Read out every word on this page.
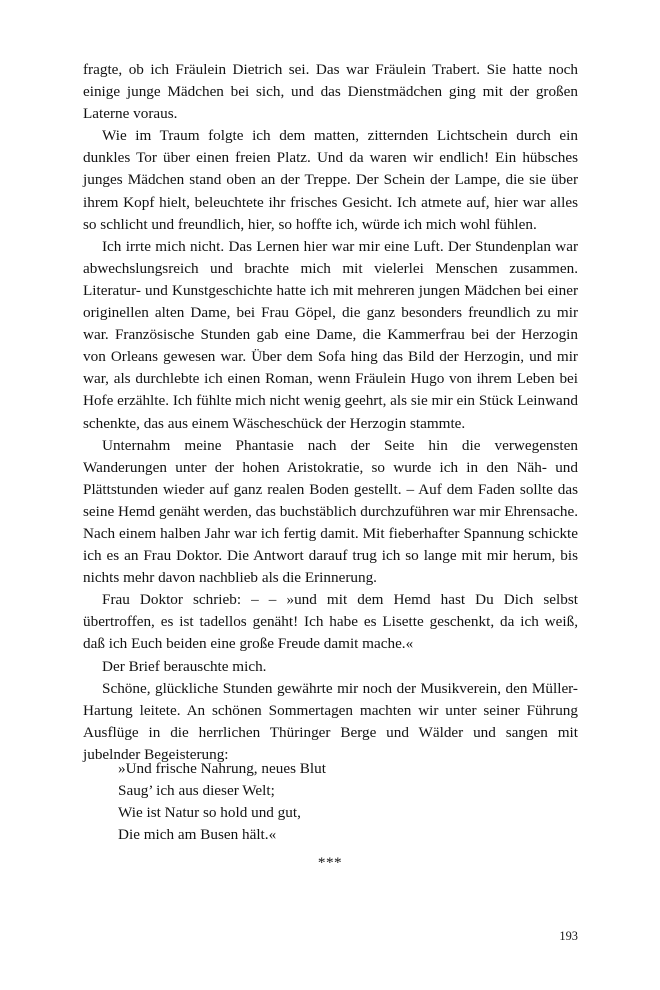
fragte, ob ich Fräulein Dietrich sei. Das war Fräulein Trabert. Sie hatte noch einige junge Mädchen bei sich, und das Dienstmädchen ging mit der großen Laterne voraus.

Wie im Traum folgte ich dem matten, zitternden Lichtschein durch ein dunkles Tor über einen freien Platz. Und da waren wir endlich! Ein hübsches junges Mädchen stand oben an der Treppe. Der Schein der Lampe, die sie über ihrem Kopf hielt, beleuchtete ihr frisches Gesicht. Ich atmete auf, hier war alles so schlicht und freundlich, hier, so hoffte ich, würde ich mich wohl fühlen.

Ich irrte mich nicht. Das Lernen hier war mir eine Luft. Der Stundenplan war abwechslungsreich und brachte mich mit vielerlei Menschen zusammen. Literatur- und Kunstgeschichte hatte ich mit mehreren jungen Mädchen bei einer originellen alten Dame, bei Frau Göpel, die ganz besonders freundlich zu mir war. Französische Stunden gab eine Dame, die Kammerfrau bei der Herzogin von Orleans gewesen war. Über dem Sofa hing das Bild der Herzogin, und mir war, als durchlebte ich einen Roman, wenn Fräulein Hugo von ihrem Leben bei Hofe erzählte. Ich fühlte mich nicht wenig geehrt, als sie mir ein Stück Leinwand schenkte, das aus einem Wäscheschück der Herzogin stammte.

Unternahm meine Phantasie nach der Seite hin die verwegensten Wanderungen unter der hohen Aristokratie, so wurde ich in den Näh- und Plättstunden wieder auf ganz realen Boden gestellt. – Auf dem Faden sollte das seine Hemd genäht werden, das buchstäblich durchzuführen war mir Ehrensache. Nach einem halben Jahr war ich fertig damit. Mit fieberhafter Spannung schickte ich es an Frau Doktor. Die Antwort darauf trug ich so lange mit mir herum, bis nichts mehr davon nachblieb als die Erinnerung.

Frau Doktor schrieb: – – »und mit dem Hemd hast Du Dich selbst übertroffen, es ist tadellos genäht! Ich habe es Lisette geschenkt, da ich weiß, daß ich Euch beiden eine große Freude damit mache.«

Der Brief berauschte mich.

Schöne, glückliche Stunden gewährte mir noch der Musikverein, den Müller-Hartung leitete. An schönen Sommertagen machten wir unter seiner Führung Ausflüge in die herrlichen Thüringer Berge und Wälder und sangen mit jubelnder Begeisterung:

»Und frische Nahrung, neues Blut
Saug’ ich aus dieser Welt;
Wie ist Natur so hold und gut,
Die mich am Busen hält.«
***
193
